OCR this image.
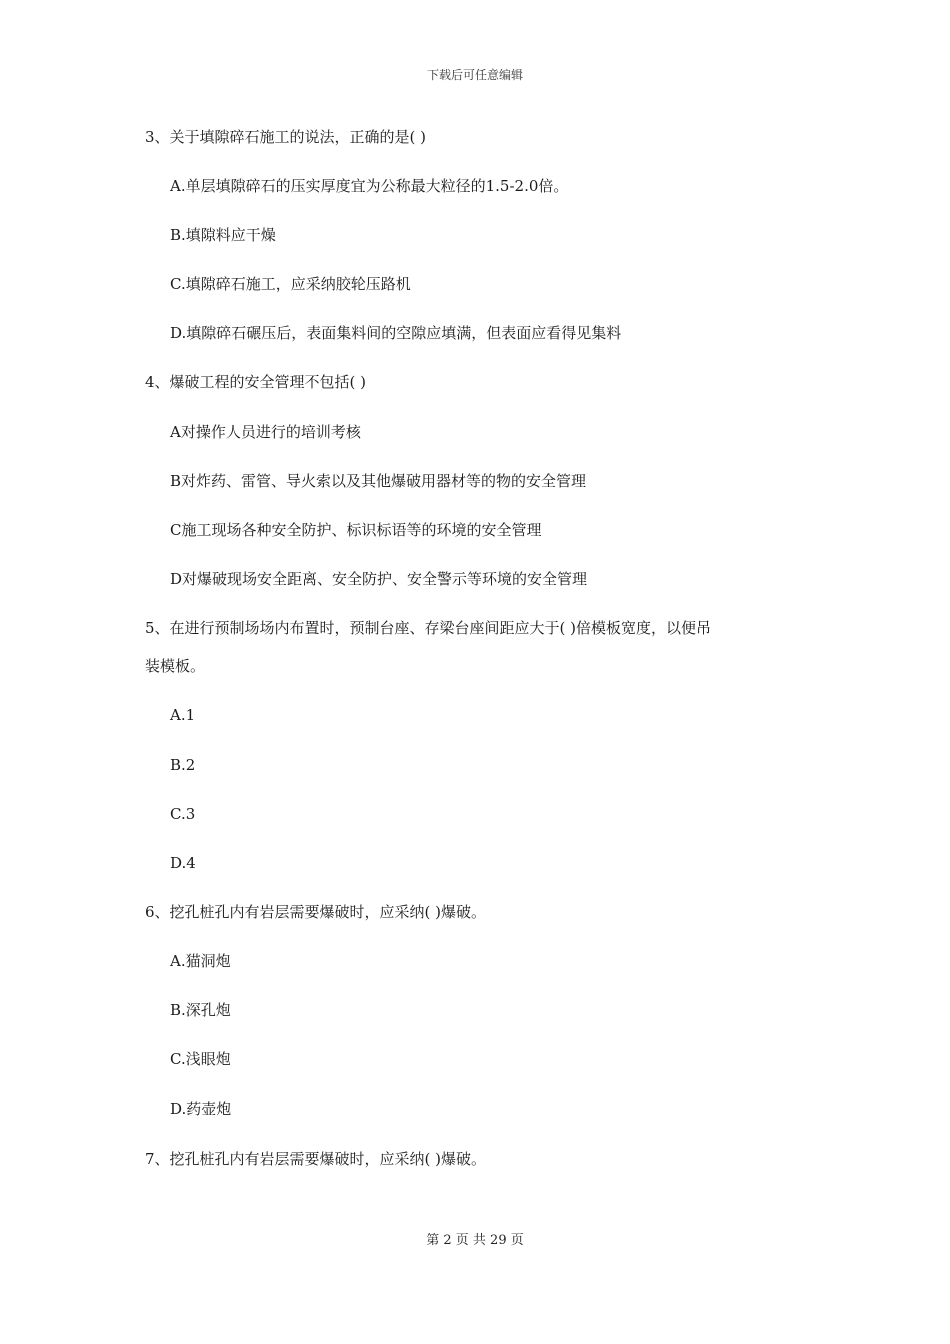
下载后可任意编辑
3、关于填隙碎石施工的说法，正确的是( )
A.单层填隙碎石的压实厚度宜为公称最大粒径的1.5-2.0倍。
B.填隙料应干燥
C.填隙碎石施工，应采纳胶轮压路机
D.填隙碎石碾压后，表面集料间的空隙应填满，但表面应看得见集料
4、爆破工程的安全管理不包括( )
A对操作人员进行的培训考核
B对炸药、雷管、导火索以及其他爆破用器材等的物的安全管理
C施工现场各种安全防护、标识标语等的环境的安全管理
D对爆破现场安全距离、安全防护、安全警示等环境的安全管理
5、在进行预制场场内布置时，预制台座、存梁台座间距应大于( )倍模板宽度，以便吊
装模板。
A.1
B.2
C.3
D.4
6、挖孔桩孔内有岩层需要爆破时，应采纳( )爆破。
A.猫洞炮
B.深孔炮
C.浅眼炮
D.药壶炮
7、挖孔桩孔内有岩层需要爆破时，应采纳( )爆破。
第 2 页 共 29 页
